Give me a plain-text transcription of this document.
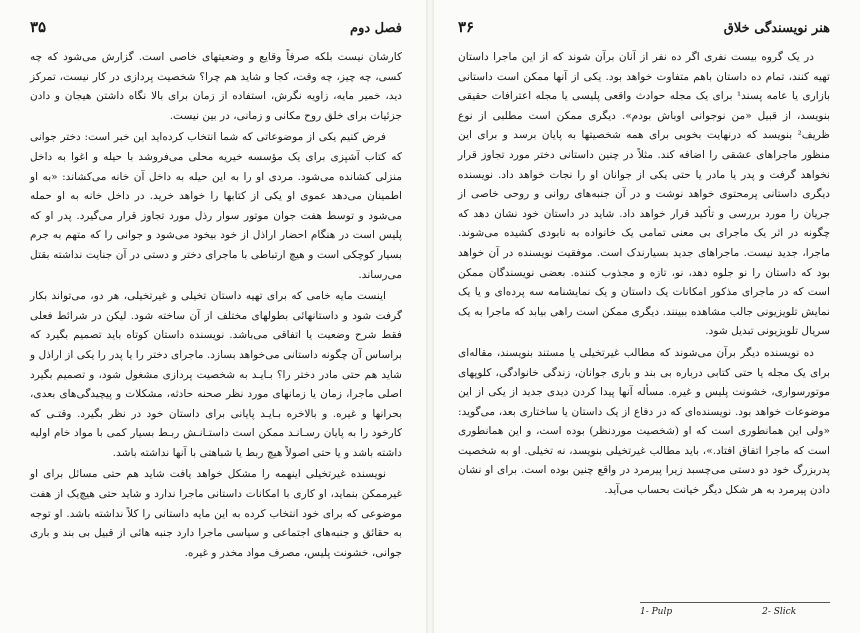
فصل دوم
۳۵

کارشان نیست بلکه صرفاً وقایع و وضعیتهای خاصی است. گزارش می‌شود که چه کسی، چه چیز، چه وقت، کجا و شاید هم چرا؟ شخصیت پردازی در کار نیست، تمرکز دید، خمیر مایه، زاویه نگرش، استفاده از زمان برای بالا نگاه داشتن هیجان و دادن جزئیات برای خلق روح مکانی و زمانی، در بین نیست.

فرض کنیم یکی از موضوعاتی که شما انتخاب کرده‌اید این خبر است: دختر جوانی که کتاب آشپزی برای یک مؤسسه خیریه محلی می‌فروشد با حیله و اغوا به داخل منزلی کشانده می‌شود. مردی او را به این حیله به داخل آن خانه می‌کشاند: «به او اطمینان می‌دهد عموی او یکی از کتابها را خواهد خرید. در داخل خانه به او حمله می‌شود و توسط هفت جوان موتور سوار رذل مورد تجاوز قرار می‌گیرد. پدر او که پلیس است در هنگام احضار اراذل از خود بیخود می‌شود و جوانی را که متهم به جرم بسیار کوچکی است و هیچ ارتباطی با ماجرای دختر و دستی در آن جنایت نداشته بقتل می‌رساند.

اینست مایه خامی که برای تهیه داستان تخیلی و غیرتخیلی، هر دو، می‌تواند بکار گرفت شود و داستانهائی بطولهای مختلف از آن ساخته شود. لیکن در شرائط فعلی فقط شرح وضعیت یا اتفاقی می‌باشد. نویسنده داستان کوتاه باید تصمیم بگیرد که براساس آن چگونه داستانی می‌خواهد بسازد. ماجرای دختر را یا پدر را یکی از اراذل و شاید هم حتی مادر دختر را؟ بـایـد به شخصیت پردازی مشغول شود، و تصمیم بگیرد اصلی ماجرا، زمان یا زمانهای مورد نظر صحنه حادثه، مشکلات و پیچیدگی‌های بعدی، بحرانها و غیره. و بالاخره بـایـد پایانی برای داستان خود در نظر بگیرد. وقتـی که کارخود را به پایان رسـانـد ممکن است داستـانـش ربـط بسیار کمی با مواد خام اولیه داشته باشد و یا حتی اصولاً هیچ ربط یا شباهتی با آنها نداشته باشد.

نویسنده غیرتخیلی اینهمه را مشکل خواهد یافت شاید هم حتی مسائل برای او غیرممکن بنماید، او کاری با امکانات داستانی ماجرا ندارد و شاید حتی هیچ‌یک از هفت موضوعی که برای خود انتخاب کرده به این مایه داستانی را کلاً نداشته باشد. او توجه به حقائق و جنبه‌های اجتماعی و سیاسی ماجرا دارد جنبه هائی از قبیل بی بند و باری جوانی، خشونت پلیس، مصرف مواد مخدر و غیره.

هنر نویسندگی خلاق
۳۶

در یک گروه بیست نفری اگر ده نفر از آنان برآن شوند که از این ماجرا داستان تهیه کنند، تمام ده داستان باهم متفاوت خواهد بود. یکی از آنها ممکن است داستانی بازاری یا عامه پسند¹ برای یک مجله حوادث واقعی پلیسی یا مجله اعترافات حقیقی بنویسد، از قبیل «من نوجوانی اوباش بودم». دیگری ممکن است مطلبی از نوع ظریف² بنویسد که درنهایت بخوبی برای همه شخصیتها به پایان برسد و برای این منظور ماجراهای عشقی را اضافه کند. مثلاً در چنین داستانی دختر مورد تجاوز قرار نخواهد گرفت و پدر یا مادر یا حتی یکی از جوانان او را نجات خواهد داد. نویسنده دیگری داستانی پرمحتوی خواهد نوشت و در آن جنبه‌های روانی و روحی خاصی از جریان را مورد بررسی و تأکید قرار خواهد داد. شاید در داستان خود نشان دهد که چگونه در اثر یک ماجرای بی معنی تمامی یک خانواده به نابودی کشیده می‌شوند. ماجرا، جدید نیست. ماجراهای جدید بسیارندک است. موفقیت نویسنده در آن خواهد بود که داستان را نو جلوه دهد، نو، تازه و مجذوب کننده. بعضی نویسندگان ممکن است که در ماجرای مذکور امکانات یک داستان و یک نمایشنامه سه پرده‌ای و یا یک نمایش تلویزیونی جالب مشاهده ببینند. دیگری ممکن است راهی بیابد که ماجرا به یک سریال تلویزیونی تبدیل شود.

ده نویسنده دیگر برآن می‌شوند که مطالب غیرتخیلی یا مستند بنویسند، مقاله‌ای برای یک مجله یا حتی کتابی درباره بی بند و باری جوانان، زندگی خانوادگی، کلوپهای موتورسواری، خشونت پلیس و غیره. مسأله آنها پیدا کردن دیدی جدید از یکی از این موضوعات خواهد بود. نویسنده‌ای که در دفاع از یک داستان یا ساختاری بعد، می‌گوید: «ولی این همانطوری است که او (شخصیت موردنظر) بوده است، و این همانطوری است که ماجرا اتفاق افتاد.»، باید مطالب غیرتخیلی بنویسد، نه تخیلی. او به شخصیت پدربزرگ خود دو دستی می‌چسبد زیرا پیرمرد در واقع چنین بوده است. برای او نشان دادن پیرمرد به هر شکل دیگر خیانت بحساب می‌آید.

1- Pulp	2- Slick
